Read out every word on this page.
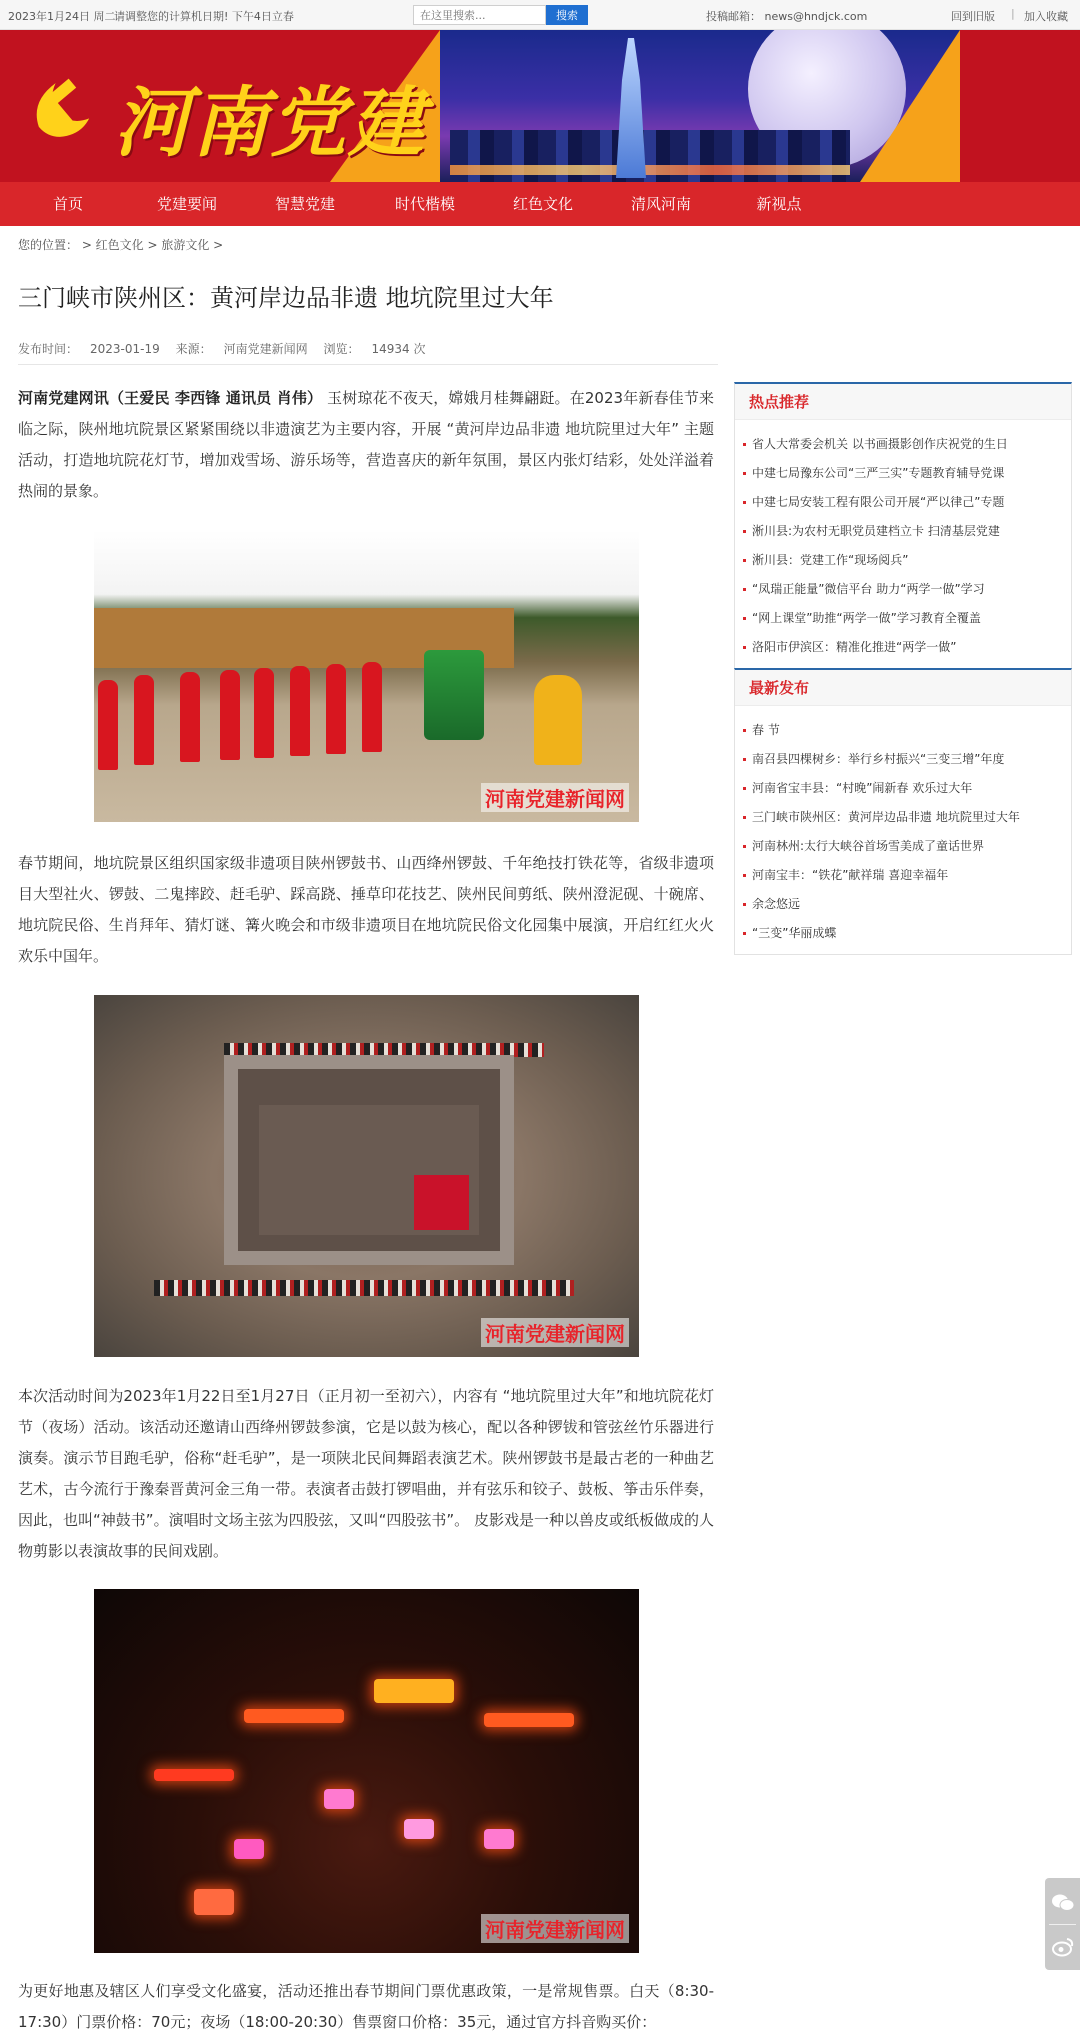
2023年1月24日 周二
请调整您的计算机日期! 下午4日立春
在这里搜索...	搜索	投稿邮箱： news@hndjck.com	回到旧版 | 加入收藏
河南党建
首页	党建要闻	智慧党建	时代楷模	红色文化	清风河南	新视点
您的位置： > 红色文化 > 旅游文化 >
三门峡市陕州区：黄河岸边品非遗 地坑院里过大年
发布时间： 2023-01-19 来源： 河南党建新闻网 浏览： 14934 次
河南党建网讯（王爱民 李西锋 通讯员 肖伟） 玉树琼花不夜天，嫦娥月桂舞翩跹。在2023年新春佳节来临之际，陕州地坑院景区紧紧围绕以非遗演艺为主要内容，开展 “黄河岸边品非遗 地坑院里过大年” 主题活动，打造地坑院花灯节，增加戏雪场、游乐场等，营造喜庆的新年氛围，景区内张灯结彩，处处洋溢着热闹的景象。
河南党建新闻网
春节期间，地坑院景区组织国家级非遗项目陕州锣鼓书、山西绛州锣鼓、千年绝技打铁花等，省级非遗项目大型社火、锣鼓、二鬼摔跤、赶毛驴、踩高跷、捶草印花技艺、陕州民间剪纸、陕州澄泥砚、十碗席、地坑院民俗、生肖拜年、猜灯谜、篝火晚会和市级非遗项目在地坑院民俗文化园集中展演，开启红红火火欢乐中国年。
河南党建新闻网
本次活动时间为2023年1月22日至1月27日（正月初一至初六），内容有 “地坑院里过大年”和地坑院花灯节（夜场）活动。该活动还邀请山西绛州锣鼓参演，它是以鼓为核心，配以各种锣钹和管弦丝竹乐器进行演奏。演示节目跑毛驴，俗称“赶毛驴”，是一项陕北民间舞蹈表演艺术。陕州锣鼓书是最古老的一种曲艺艺术，古今流行于豫秦晋黄河金三角一带。表演者击鼓打锣唱曲，并有弦乐和铰子、鼓板、筝击乐伴奏，因此，也叫“神鼓书”。演唱时文场主弦为四股弦，又叫“四股弦书”。 皮影戏是一种以兽皮或纸板做成的人物剪影以表演故事的民间戏剧。
河南党建新闻网
为更好地惠及辖区人们享受文化盛宴，活动还推出春节期间门票优惠政策，一是常规售票。白天（8:30-17:30）门票价格：70元；夜场（18:00-20:30）售票窗口价格：35元，通过官方抖音购买价：
热点推荐
省人大常委会机关 以书画摄影创作庆祝党的生日
中建七局豫东公司“三严三实”专题教育辅导党课
中建七局安装工程有限公司开展“严以律己”专题
淅川县:为农村无职党员建档立卡 扫清基层党建
淅川县：党建工作“现场阅兵”
“凤瑞正能量”微信平台 助力“两学一做”学习
“网上课堂”助推“两学一做”学习教育全覆盖
洛阳市伊滨区：精准化推进“两学一做”
最新发布
春 节
南召县四棵树乡：举行乡村振兴“三变三增”年度
河南省宝丰县：“村晚”闹新春 欢乐过大年
三门峡市陕州区：黄河岸边品非遗 地坑院里过大年
河南林州:太行大峡谷首场雪美成了童话世界
河南宝丰：“铁花”献祥瑞 喜迎幸福年
余念悠远
“三变”华丽成蝶
